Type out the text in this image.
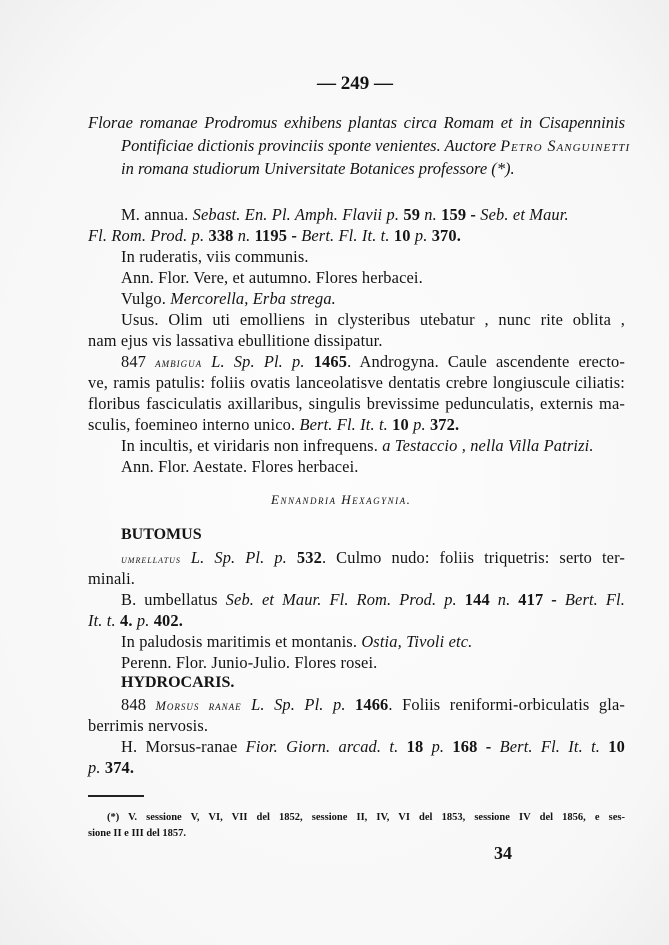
— 249 —
Florae romanae Prodromus exhibens plantas circa Romam et in Cisapenninis
Pontificiae dictionis provinciis sponte venientes. Auctore Petro Sanguinetti
in romana studiorum Universitate Botanices professore (*).
M. annua. Sebast. En. Pl. Amph. Flavii p. 59 n. 159 - Seb. et Maur.
Fl. Rom. Prod. p. 338 n. 1195 - Bert. Fl. It. t. 10 p. 370.
In ruderatis, viis communis.
Ann. Flor. Vere, et autumno. Flores herbacei.
Vulgo. Mercorella, Erba strega.
Usus. Olim uti emolliens in clysteribus utebatur , nunc rite oblita ,
nam ejus vis lassativa ebullitione dissipatur.
847 ambigua L. Sp. Pl. p. 1465. Androgyna. Caule ascendente erecto-
ve, ramis patulis: foliis ovatis lanceolatisve dentatis crebre longiuscule ciliatis:
floribus fasciculatis axillaribus, singulis brevissime pedunculatis, externis ma-
sculis, foemineo interno unico. Bert. Fl. It. t. 10 p. 372.
In incultis, et viridaris non infrequens. a Testaccio , nella Villa Patrizi.
Ann. Flor. Aestate. Flores herbacei.
Ennandria Hexagynia.
BUTOMUS
umrellatus L. Sp. Pl. p. 532. Culmo nudo: foliis triquetris: serto ter-
minali.
B. umbellatus Seb. et Maur. Fl. Rom. Prod. p. 144 n. 417 - Bert. Fl.
It. t. 4. p. 402.
In paludosis maritimis et montanis. Ostia, Tivoli etc.
Perenn. Flor. Junio-Julio. Flores rosei.
HYDROCARIS.
848 Morsus ranae L. Sp. Pl. p. 1466. Foliis reniformi-orbiculatis gla-
berrimis nervosis.
H. Morsus-ranae Fior. Giorn. arcad. t. 18 p. 168 - Bert. Fl. It. t. 10
p. 374.
(*) V. sessione V, VI, VII del 1852, sessione II, IV, VI del 1853, sessione IV del 1856, e ses-
sione II e III del 1857.
34
